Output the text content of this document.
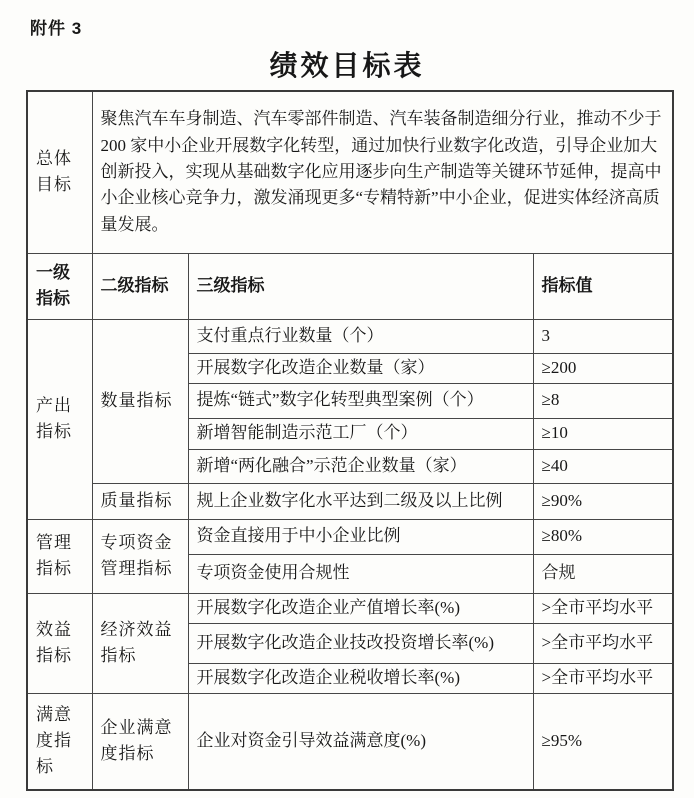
附件 3
绩效目标表
总体目标	聚焦汽车车身制造、汽车零部件制造、汽车装备制造细分行业，推动不少于 200 家中小企业开展数字化转型，通过加快行业数字化改造，引导企业加大创新投入，实现从基础数字化应用逐步向生产制造等关键环节延伸，提高中小企业核心竞争力，激发涌现更多“专精特新”中小企业，促进实体经济高质量发展。		
一级指标	二级指标	三级指标	指标值
产出指标	数量指标	支付重点行业数量（个）	3
		开展数字化改造企业数量（家）	≥200
		提炼“链式”数字化转型典型案例（个）	≥8
		新增智能制造示范工厂（个）	≥10
		新增“两化融合”示范企业数量（家）	≥40
	质量指标	规上企业数字化水平达到二级及以上比例	≥90%
管理指标	专项资金管理指标	资金直接用于中小企业比例	≥80%
		专项资金使用合规性	合规
效益指标	经济效益指标	开展数字化改造企业产值增长率(%)	>全市平均水平
		开展数字化改造企业技改投资增长率(%)	>全市平均水平
		开展数字化改造企业税收增长率(%)	>全市平均水平
满意度指标	企业满意度指标	企业对资金引导效益满意度(%)	≥95%
